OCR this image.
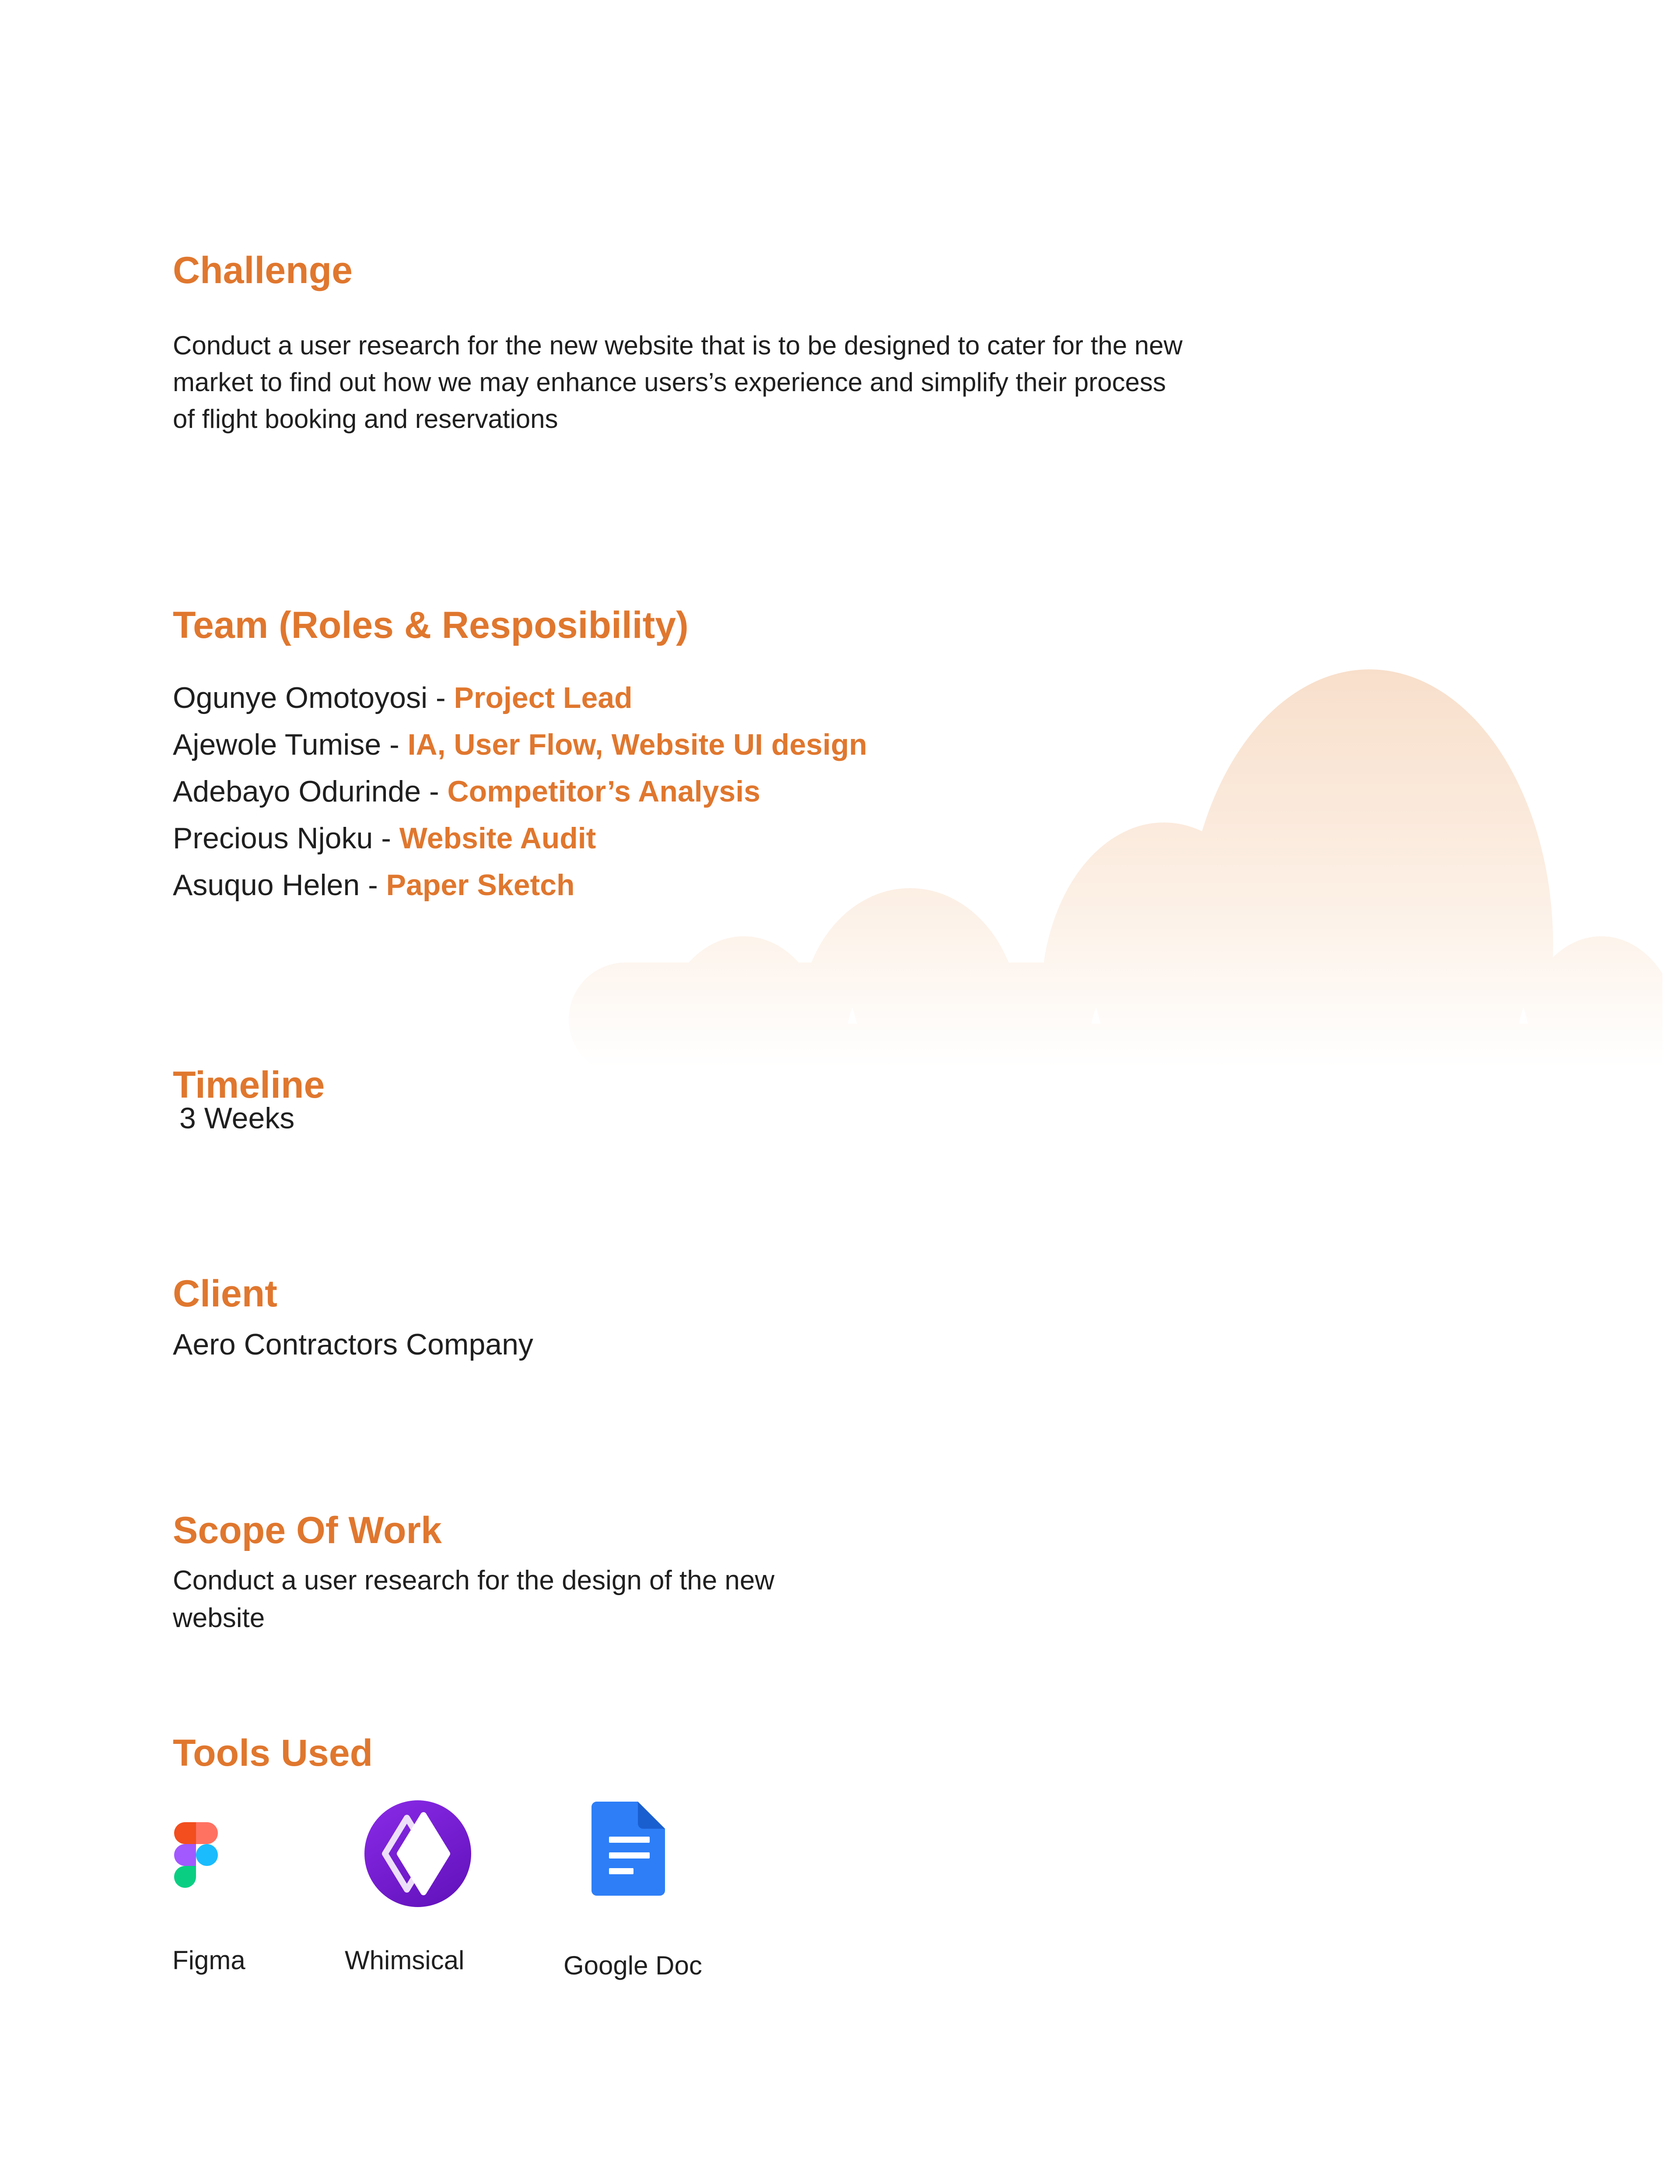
Challenge

Conduct a user research for the new website that is to be designed to cater for the new market to find out how we may enhance users’s experience and simplify their process of flight booking and reservations

Team (Roles & Resposibility)
Ogunye Omotoyosi - Project Lead
Ajewole Tumise - IA, User Flow, Website UI design
Adebayo Odurinde - Competitor’s Analysis
Precious Njoku - Website Audit
Asuquo Helen - Paper Sketch
Timeline
3 Weeks
Client
Aero Contractors Company
Scope Of Work

Conduct a user research for the design of the new website

Tools Used
Figma	Whimsical	Google Doc
